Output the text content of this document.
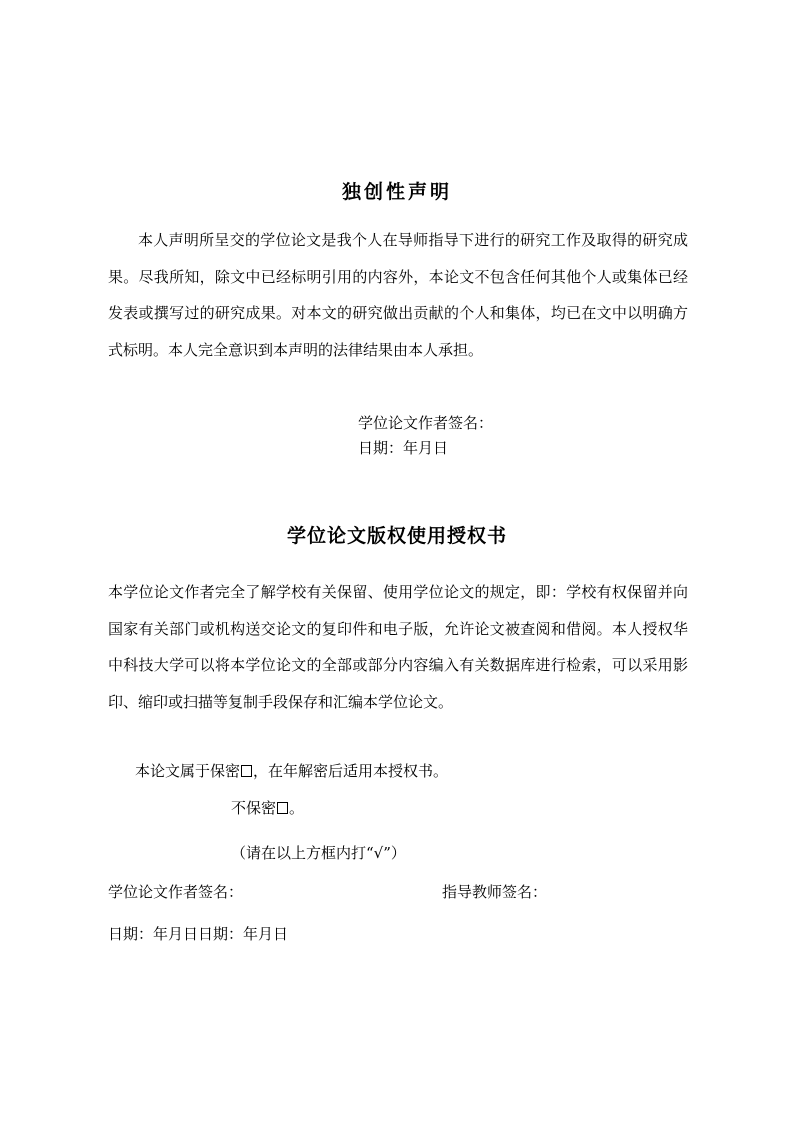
独创性声明
本人声明所呈交的学位论文是我个人在导师指导下进行的研究工作及取得的研究成果。尽我所知，除文中已经标明引用的内容外，本论文不包含任何其他个人或集体已经发表或撰写过的研究成果。对本文的研究做出贡献的个人和集体，均已在文中以明确方式标明。本人完全意识到本声明的法律结果由本人承担。
学位论文作者签名：
日期：年月日
学位论文版权使用授权书
本学位论文作者完全了解学校有关保留、使用学位论文的规定，即：学校有权保留并向国家有关部门或机构送交论文的复印件和电子版，允许论文被查阅和借阅。本人授权华中科技大学可以将本学位论文的全部或部分内容编入有关数据库进行检索，可以采用影印、缩印或扫描等复制手段保存和汇编本学位论文。
本论文属于保密 ，在年解密后适用本授权书。
不保密 。
（请在以上方框内打“√”）
学位论文作者签名：	指导教师签名：
日期：年月日日期：年月日
